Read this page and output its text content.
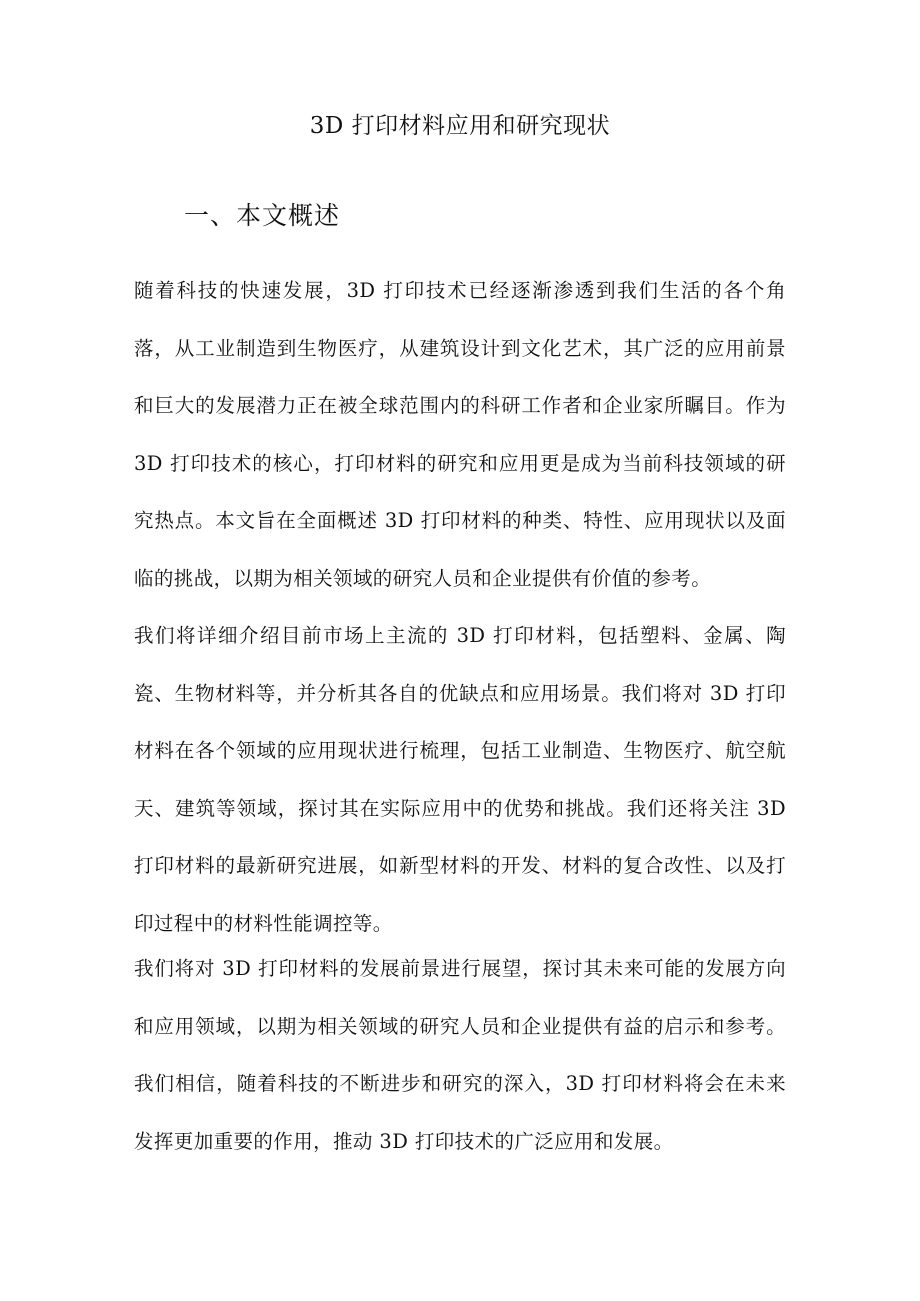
3D 打印材料应用和研究现状
一、本文概述

随着科技的快速发展，3D 打印技术已经逐渐渗透到我们生活的各个角落，从工业制造到生物医疗，从建筑设计到文化艺术，其广泛的应用前景和巨大的发展潜力正在被全球范围内的科研工作者和企业家所瞩目。作为 3D 打印技术的核心，打印材料的研究和应用更是成为当前科技领域的研究热点。本文旨在全面概述 3D 打印材料的种类、特性、应用现状以及面临的挑战，以期为相关领域的研究人员和企业提供有价值的参考。

我们将详细介绍目前市场上主流的 3D 打印材料，包括塑料、金属、陶瓷、生物材料等，并分析其各自的优缺点和应用场景。我们将对 3D 打印材料在各个领域的应用现状进行梳理，包括工业制造、生物医疗、航空航天、建筑等领域，探讨其在实际应用中的优势和挑战。我们还将关注 3D 打印材料的最新研究进展，如新型材料的开发、材料的复合改性、以及打印过程中的材料性能调控等。

我们将对 3D 打印材料的发展前景进行展望，探讨其未来可能的发展方向和应用领域，以期为相关领域的研究人员和企业提供有益的启示和参考。我们相信，随着科技的不断进步和研究的深入，3D 打印材料将会在未来发挥更加重要的作用，推动 3D 打印技术的广泛应用和发展。
